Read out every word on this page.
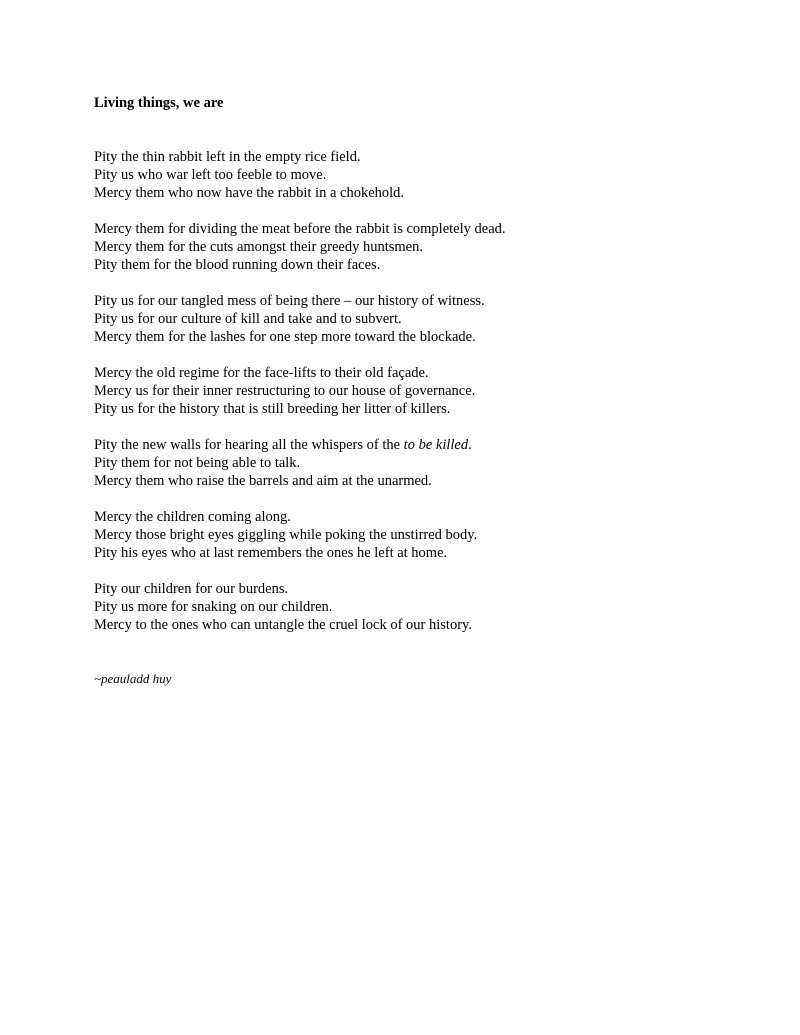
Living things, we are

Pity the thin rabbit left in the empty rice field.
Pity us who war left too feeble to move.
Mercy them who now have the rabbit in a chokehold.
Mercy them for dividing the meat before the rabbit is completely dead.
Mercy them for the cuts amongst their greedy huntsmen.
Pity them for the blood running down their faces.
Pity us for our tangled mess of being there – our history of witness.
Pity us for our culture of kill and take and to subvert.
Mercy them for the lashes for one step more toward the blockade.
Mercy the old regime for the face-lifts to their old façade.
Mercy us for their inner restructuring to our house of governance.
Pity us for the history that is still breeding her litter of killers.
Pity the new walls for hearing all the whispers of the to be killed.
Pity them for not being able to talk.
Mercy them who raise the barrels and aim at the unarmed.
Mercy the children coming along.
Mercy those bright eyes giggling while poking the unstirred body.
Pity his eyes who at last remembers the ones he left at home.
Pity our children for our burdens.
Pity us more for snaking on our children.
Mercy to the ones who can untangle the cruel lock of our history.
~peauladd huy
